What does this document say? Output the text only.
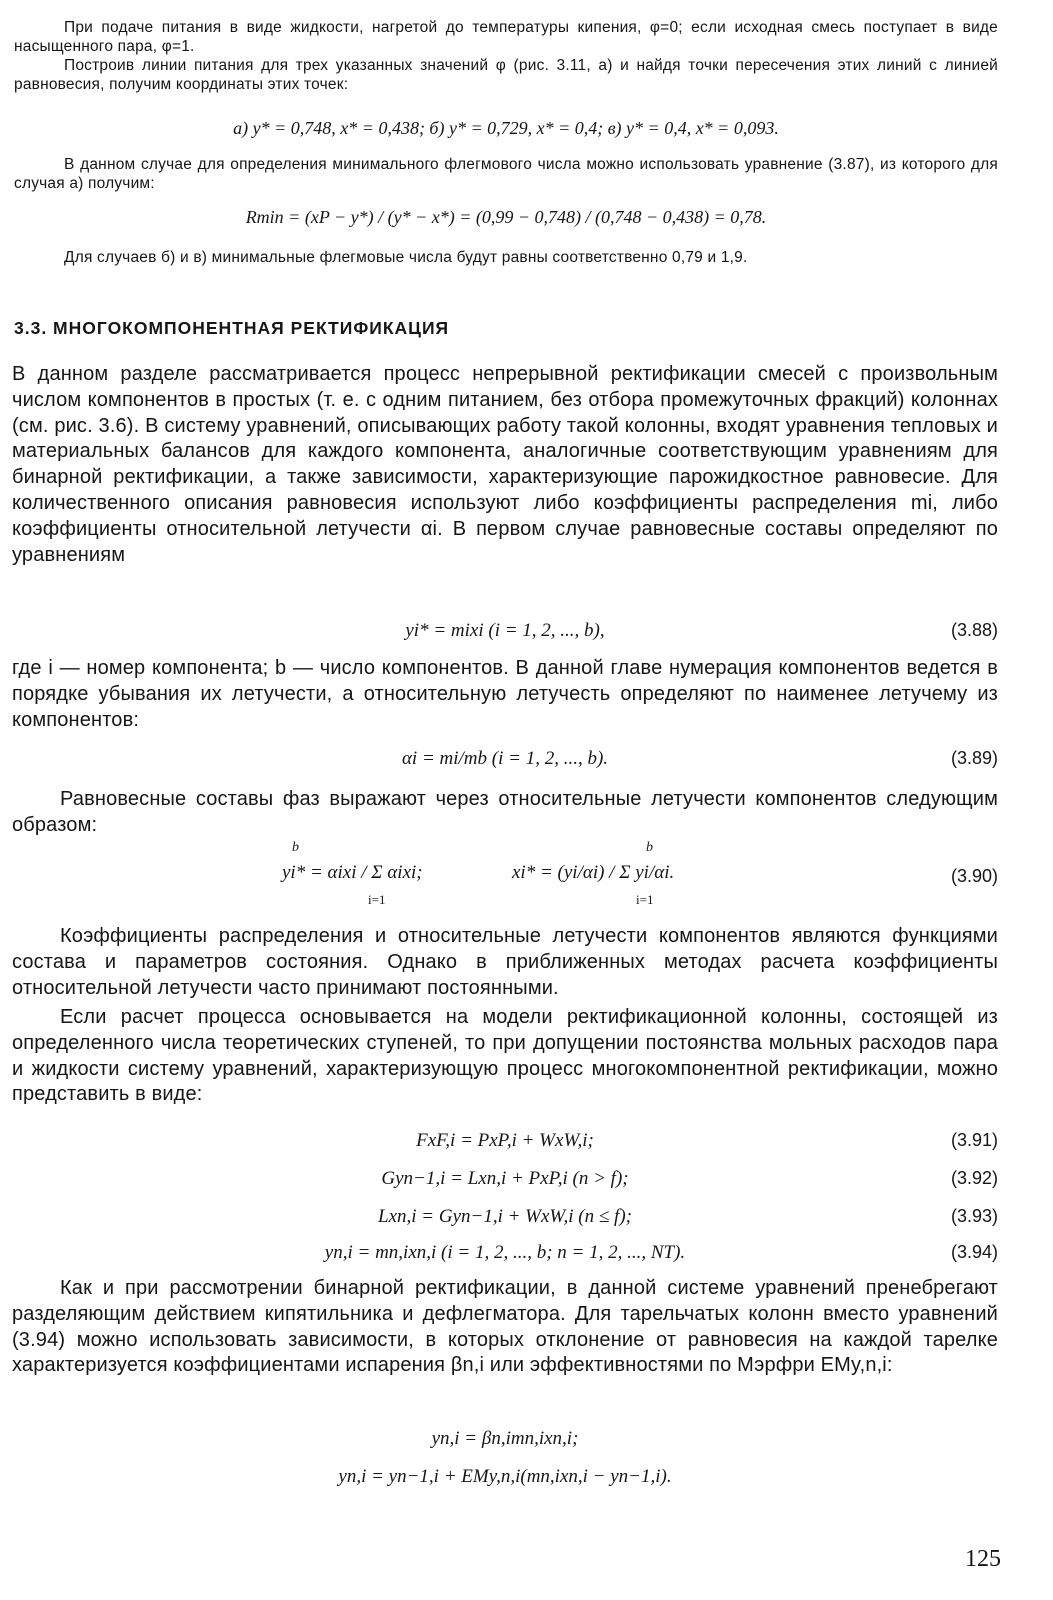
При подаче питания в виде жидкости, нагретой до температуры кипения, φ=0; если исходная смесь поступает в виде насыщенного пара, φ=1.

Построив линии питания для трех указанных значений φ (рис. 3.11, а) и найдя точки пересечения этих линий с линией равновесия, получим координаты этих точек:

а) y* = 0,748, x* = 0,438; б) y* = 0,729, x* = 0,4; в) y* = 0,4, x* = 0,093.

В данном случае для определения минимального флегмового числа можно использовать уравнение (3.87), из которого для случая а) получим:

Rmin = (xP − y*) / (y* − x*) = (0,99 − 0,748) / (0,748 − 0,438) = 0,78.

Для случаев б) и в) минимальные флегмовые числа будут равны соответственно 0,79 и 1,9.

3.3. МНОГОКОМПОНЕНТНАЯ РЕКТИФИКАЦИЯ

В данном разделе рассматривается процесс непрерывной ректификации смесей с произвольным числом компонентов в простых (т. е. с одним питанием, без отбора промежуточных фракций) колоннах (см. рис. 3.6). В систему уравнений, описывающих работу такой колонны, входят уравнения тепловых и материальных балансов для каждого компонента, аналогичные соответствующим уравнениям для бинарной ректификации, а также зависимости, характеризующие парожидкостное равновесие. Для количественного описания равновесия используют либо коэффициенты распределения mi, либо коэффициенты относительной летучести αi. В первом случае равновесные составы определяют по уравнениям

yi* = mixi (i = 1, 2, ..., b),	(3.88)

где i — номер компонента; b — число компонентов. В данной главе нумерация компонентов ведется в порядке убывания их летучести, а относительную летучесть определяют по наименее летучему из компонентов:

αi = mi/mb (i = 1, 2, ..., b).	(3.89)

Равновесные составы фаз выражают через относительные летучести компонентов следующим образом:

b
yi* = αixi / Σ αixi;
i=1
b
xi* = (yi/αi) / Σ yi/αi.
i=1
(3.90)

Коэффициенты распределения и относительные летучести компонентов являются функциями состава и параметров состояния. Однако в приближенных методах расчета коэффициенты относительной летучести часто принимают постоянными.

Если расчет процесса основывается на модели ректификационной колонны, состоящей из определенного числа теоретических ступеней, то при допущении постоянства мольных расходов пара и жидкости систему уравнений, характеризующую процесс многокомпонентной ректификации, можно представить в виде:

FxF,i = PxP,i + WxW,i;	(3.91)
Gyn−1,i = Lxn,i + PxP,i (n > f);	(3.92)
Lxn,i = Gyn−1,i + WxW,i (n ≤ f);	(3.93)
yn,i = mn,ixn,i (i = 1, 2, ..., b; n = 1, 2, ..., NT).	(3.94)

Как и при рассмотрении бинарной ректификации, в данной системе уравнений пренебрегают разделяющим действием кипятильника и дефлегматора. Для тарельчатых колонн вместо уравнений (3.94) можно использовать зависимости, в которых отклонение от равновесия на каждой тарелке характеризуется коэффициентами испарения βn,i или эффективностями по Мэрфри EMy,n,i:

yn,i = βn,imn,ixn,i;
yn,i = yn−1,i + EMy,n,i(mn,ixn,i − yn−1,i).
125
